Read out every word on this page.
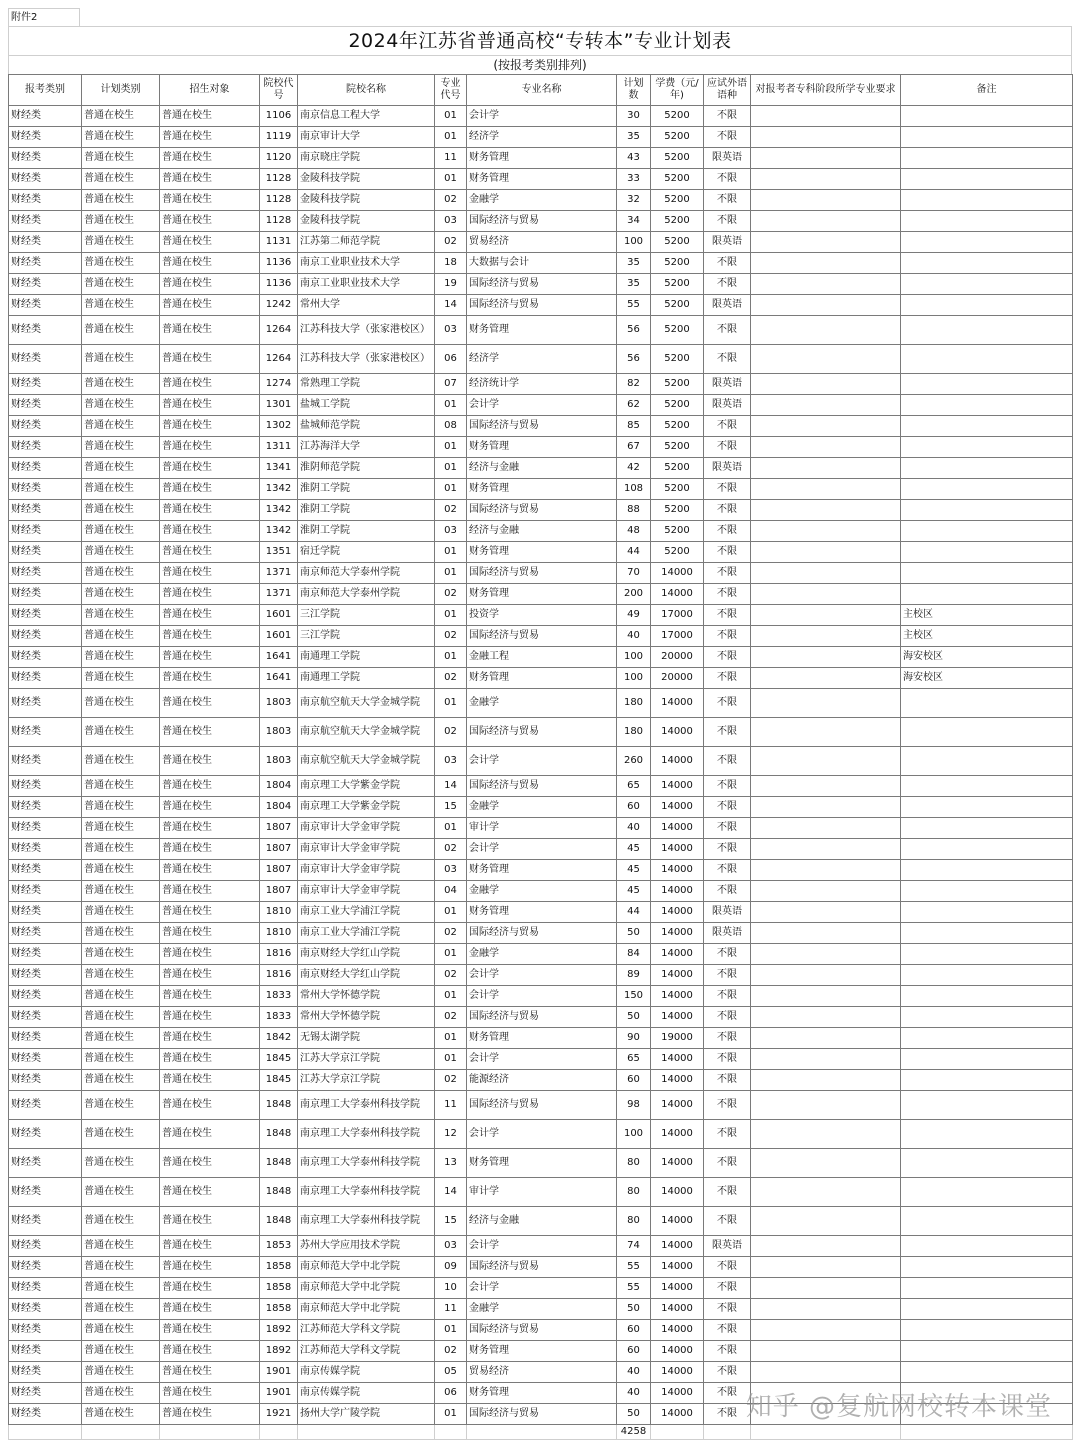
附件2
2024年江苏省普通高校“专转本”专业计划表
(按报考类别排列)
报考类别	计划类别	招生对象	院校代号	院校名称	专业代号	专业名称	计划数	学费（元/年)	应试外语语种	对报考者专科阶段所学专业要求	备注
财经类	普通在校生	普通在校生	1106	南京信息工程大学	01	会计学	30	5200	不限		
财经类	普通在校生	普通在校生	1119	南京审计大学	01	经济学	35	5200	不限		
财经类	普通在校生	普通在校生	1120	南京晓庄学院	11	财务管理	43	5200	限英语		
财经类	普通在校生	普通在校生	1128	金陵科技学院	01	财务管理	33	5200	不限		
财经类	普通在校生	普通在校生	1128	金陵科技学院	02	金融学	32	5200	不限		
财经类	普通在校生	普通在校生	1128	金陵科技学院	03	国际经济与贸易	34	5200	不限		
财经类	普通在校生	普通在校生	1131	江苏第二师范学院	02	贸易经济	100	5200	限英语		
财经类	普通在校生	普通在校生	1136	南京工业职业技术大学	18	大数据与会计	35	5200	不限		
财经类	普通在校生	普通在校生	1136	南京工业职业技术大学	19	国际经济与贸易	35	5200	不限		
财经类	普通在校生	普通在校生	1242	常州大学	14	国际经济与贸易	55	5200	限英语		
财经类	普通在校生	普通在校生	1264	江苏科技大学（张家港校区）	03	财务管理	56	5200	不限		
财经类	普通在校生	普通在校生	1264	江苏科技大学（张家港校区）	06	经济学	56	5200	不限		
财经类	普通在校生	普通在校生	1274	常熟理工学院	07	经济统计学	82	5200	限英语		
财经类	普通在校生	普通在校生	1301	盐城工学院	01	会计学	62	5200	限英语		
财经类	普通在校生	普通在校生	1302	盐城师范学院	08	国际经济与贸易	85	5200	不限		
财经类	普通在校生	普通在校生	1311	江苏海洋大学	01	财务管理	67	5200	不限		
财经类	普通在校生	普通在校生	1341	淮阴师范学院	01	经济与金融	42	5200	限英语		
财经类	普通在校生	普通在校生	1342	淮阴工学院	01	财务管理	108	5200	不限		
财经类	普通在校生	普通在校生	1342	淮阴工学院	02	国际经济与贸易	88	5200	不限		
财经类	普通在校生	普通在校生	1342	淮阴工学院	03	经济与金融	48	5200	不限		
财经类	普通在校生	普通在校生	1351	宿迁学院	01	财务管理	44	5200	不限		
财经类	普通在校生	普通在校生	1371	南京师范大学泰州学院	01	国际经济与贸易	70	14000	不限		
财经类	普通在校生	普通在校生	1371	南京师范大学泰州学院	02	财务管理	200	14000	不限		
财经类	普通在校生	普通在校生	1601	三江学院	01	投资学	49	17000	不限		主校区
财经类	普通在校生	普通在校生	1601	三江学院	02	国际经济与贸易	40	17000	不限		主校区
财经类	普通在校生	普通在校生	1641	南通理工学院	01	金融工程	100	20000	不限		海安校区
财经类	普通在校生	普通在校生	1641	南通理工学院	02	财务管理	100	20000	不限		海安校区
财经类	普通在校生	普通在校生	1803	南京航空航天大学金城学院	01	金融学	180	14000	不限		
财经类	普通在校生	普通在校生	1803	南京航空航天大学金城学院	02	国际经济与贸易	180	14000	不限		
财经类	普通在校生	普通在校生	1803	南京航空航天大学金城学院	03	会计学	260	14000	不限		
财经类	普通在校生	普通在校生	1804	南京理工大学紫金学院	14	国际经济与贸易	65	14000	不限		
财经类	普通在校生	普通在校生	1804	南京理工大学紫金学院	15	金融学	60	14000	不限		
财经类	普通在校生	普通在校生	1807	南京审计大学金审学院	01	审计学	40	14000	不限		
财经类	普通在校生	普通在校生	1807	南京审计大学金审学院	02	会计学	45	14000	不限		
财经类	普通在校生	普通在校生	1807	南京审计大学金审学院	03	财务管理	45	14000	不限		
财经类	普通在校生	普通在校生	1807	南京审计大学金审学院	04	金融学	45	14000	不限		
财经类	普通在校生	普通在校生	1810	南京工业大学浦江学院	01	财务管理	44	14000	限英语		
财经类	普通在校生	普通在校生	1810	南京工业大学浦江学院	02	国际经济与贸易	50	14000	限英语		
财经类	普通在校生	普通在校生	1816	南京财经大学红山学院	01	金融学	84	14000	不限		
财经类	普通在校生	普通在校生	1816	南京财经大学红山学院	02	会计学	89	14000	不限		
财经类	普通在校生	普通在校生	1833	常州大学怀德学院	01	会计学	150	14000	不限		
财经类	普通在校生	普通在校生	1833	常州大学怀德学院	02	国际经济与贸易	50	14000	不限		
财经类	普通在校生	普通在校生	1842	无锡太湖学院	01	财务管理	90	19000	不限		
财经类	普通在校生	普通在校生	1845	江苏大学京江学院	01	会计学	65	14000	不限		
财经类	普通在校生	普通在校生	1845	江苏大学京江学院	02	能源经济	60	14000	不限		
财经类	普通在校生	普通在校生	1848	南京理工大学泰州科技学院	11	国际经济与贸易	98	14000	不限		
财经类	普通在校生	普通在校生	1848	南京理工大学泰州科技学院	12	会计学	100	14000	不限		
财经类	普通在校生	普通在校生	1848	南京理工大学泰州科技学院	13	财务管理	80	14000	不限		
财经类	普通在校生	普通在校生	1848	南京理工大学泰州科技学院	14	审计学	80	14000	不限		
财经类	普通在校生	普通在校生	1848	南京理工大学泰州科技学院	15	经济与金融	80	14000	不限		
财经类	普通在校生	普通在校生	1853	苏州大学应用技术学院	03	会计学	74	14000	限英语		
财经类	普通在校生	普通在校生	1858	南京师范大学中北学院	09	国际经济与贸易	55	14000	不限		
财经类	普通在校生	普通在校生	1858	南京师范大学中北学院	10	会计学	55	14000	不限		
财经类	普通在校生	普通在校生	1858	南京师范大学中北学院	11	金融学	50	14000	不限		
财经类	普通在校生	普通在校生	1892	江苏师范大学科文学院	01	国际经济与贸易	60	14000	不限		
财经类	普通在校生	普通在校生	1892	江苏师范大学科文学院	02	财务管理	60	14000	不限		
财经类	普通在校生	普通在校生	1901	南京传媒学院	05	贸易经济	40	14000	不限		
财经类	普通在校生	普通在校生	1901	南京传媒学院	06	财务管理	40	14000	不限		
财经类	普通在校生	普通在校生	1921	扬州大学广陵学院	01	国际经济与贸易	50	14000	不限		
							4258				
知乎 @复航网校转本课堂
